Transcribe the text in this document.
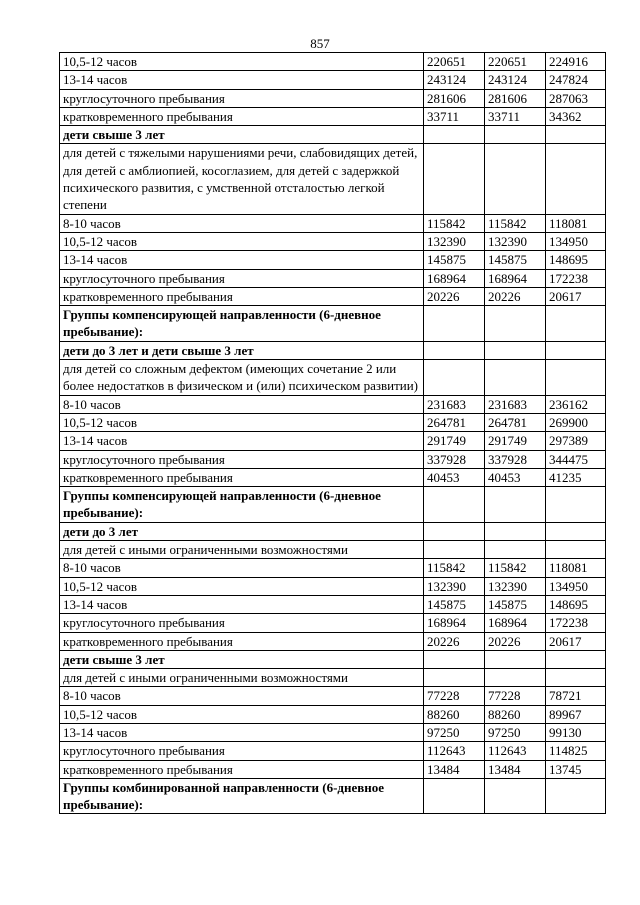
857
10,5-12 часов	220651	220651	224916
13-14 часов	243124	243124	247824
круглосуточного пребывания	281606	281606	287063
кратковременного пребывания	33711	33711	34362
дети свыше 3 лет			
для детей с тяжелыми нарушениями речи, слабовидящих детей, для детей с амблиопией, косоглазием, для детей с задержкой психического развития, с умственной отсталостью легкой степени			
8-10 часов	115842	115842	118081
10,5-12 часов	132390	132390	134950
13-14 часов	145875	145875	148695
круглосуточного пребывания	168964	168964	172238
кратковременного пребывания	20226	20226	20617
Группы компенсирующей направленности (6-дневное пребывание):			
дети до 3 лет и дети свыше 3 лет			
для детей со сложным дефектом (имеющих сочетание 2 или более недостатков в физическом и (или) психическом развитии)			
8-10 часов	231683	231683	236162
10,5-12 часов	264781	264781	269900
13-14 часов	291749	291749	297389
круглосуточного пребывания	337928	337928	344475
кратковременного пребывания	40453	40453	41235
Группы компенсирующей направленности (6-дневное пребывание):			
дети до 3 лет			
для детей с иными ограниченными возможностями			
8-10 часов	115842	115842	118081
10,5-12 часов	132390	132390	134950
13-14 часов	145875	145875	148695
круглосуточного пребывания	168964	168964	172238
кратковременного пребывания	20226	20226	20617
дети свыше 3 лет			
для детей с иными ограниченными возможностями			
8-10 часов	77228	77228	78721
10,5-12 часов	88260	88260	89967
13-14 часов	97250	97250	99130
круглосуточного пребывания	112643	112643	114825
кратковременного пребывания	13484	13484	13745
Группы комбинированной направленности (6-дневное пребывание):			
